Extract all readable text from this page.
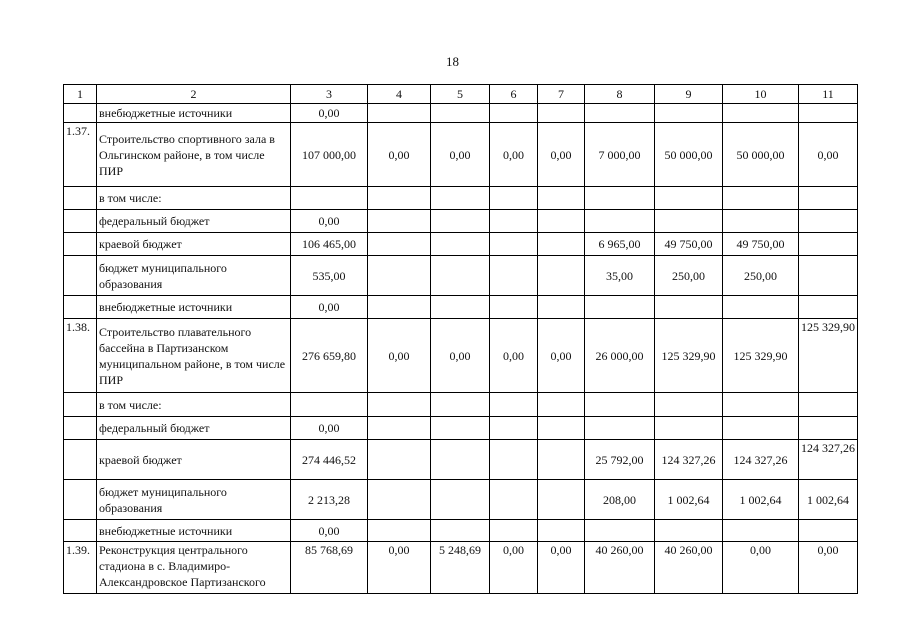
18
1	2	3	4	5	6	7	8	9	10	11
	внебюджетные источники	0,00								
1.37.	Строительство спортивного зала в Ольгинском районе, в том числе ПИР	107 000,00	0,00	0,00	0,00	0,00	7 000,00	50 000,00	50 000,00	0,00
	в том числе:									
	федеральный бюджет	0,00								
	краевой бюджет	106 465,00					6 965,00	49 750,00	49 750,00	
	бюджет муниципального образования	535,00					35,00	250,00	250,00	
	внебюджетные источники	0,00								
1.38.	Строительство плавательного бассейна в Партизанском муниципальном районе, в том числе ПИР	276 659,80	0,00	0,00	0,00	0,00	26 000,00	125 329,90	125 329,90	125 329,90
	в том числе:									
	федеральный бюджет	0,00								
	краевой бюджет	274 446,52					25 792,00	124 327,26	124 327,26	124 327,26
	бюджет муниципального образования	2 213,28					208,00	1 002,64	1 002,64	1 002,64
	внебюджетные источники	0,00								
1.39.	Реконструкция центрального стадиона в с. Владимиро-Александровское Партизанского	85 768,69	0,00	5 248,69	0,00	0,00	40 260,00	40 260,00	0,00	0,00
